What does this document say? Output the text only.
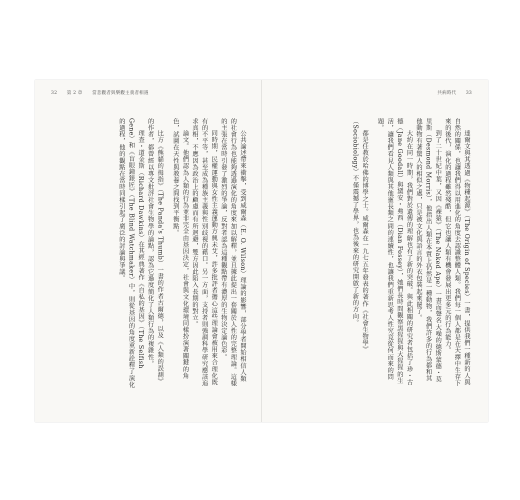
32 第 2 章 當悲觀者與樂觀主義者相遇	共病時代 33

達爾文與其透過《物種起源》（The Origin of Species）一書，提供我們一種新的人與自然的關係，也讓我們得以用進化的角度去認識整體人類。我們每一個人都是在天擇中生存下來的後代，演化的過程雖然殘酷，但它也讓人類有機會發展出更多元的行為能力。

到了二十世紀中葉，又因《裸猿》（The Naked Ape）一書而聲名大噪的德斯蒙德・莫里斯（Desmond Morris），他指出人類在本質上仍然是一種動物，我們許多的行為都和其他動物有著驚人的相似之處，只是被文化與語言的外衣包裝起來罷了。

大約在同一時期，我們對於遺傳的理解也有了新的突破。與此相關的研究者包括了珍・古德（Jane Goodall）與黛安・弗西（Dian Fossey），她們長時間觀察黑猩猩與大猩猩的生活，讓我們看見人類與其他靈長類之間的連續性，也讓我們重新思考人性究竟從何而來的問題。

都是任教於哈佛的博學之士。威爾森在一九七五年發表的著作《社會生物學》（Sociobiology）不僅震撼了學界，也為後來的研究開啟了新的方向。

公共論述帶來衝擊，受到威爾森（E. O. Wilson）理論的影響，部分學者開始相信人類的社會行為也能夠透過演化的角度來加以解釋，並且據此提出一套關於人性的完整理論。這樣的主張在當時引發了激烈的爭論，反對者認為這種觀點帶有濃厚的生物決定論色彩。

同時期，民權運動與女性主義運動方興未艾，許多批評者擔心這些理論會被用來合理化既有的不平等，甚至成為種族主義與性別歧視的藉口。另一方面，支持者則強調科學研究應該追求真相，不應因為政治上的顧慮而有所迴避，雙方因此陷入長期的對立。

論文。他們認為人類的行為並非完全由基因決定，社會與文化環境同樣扮演著關鍵的角色，試圖在天性與教養之間找到平衡點。

比方《熊貓的拇指》（The Panda's Thumb）一書的作者古爾德，以及《人類的誤測》的作者，都曾經以專文批評社會生物學的論點，認為它過度簡化了人類行為的複雜性。

理查・道金斯（Richard Dawkins）在其經典著作《自私的基因》（The Selfish Gene）和《盲眼鐘錶匠》（The Blind Watchmaker）中，則從基因的角度重新詮釋了演化的過程，他的觀點在當時同樣引起了廣泛的討論與爭議。
